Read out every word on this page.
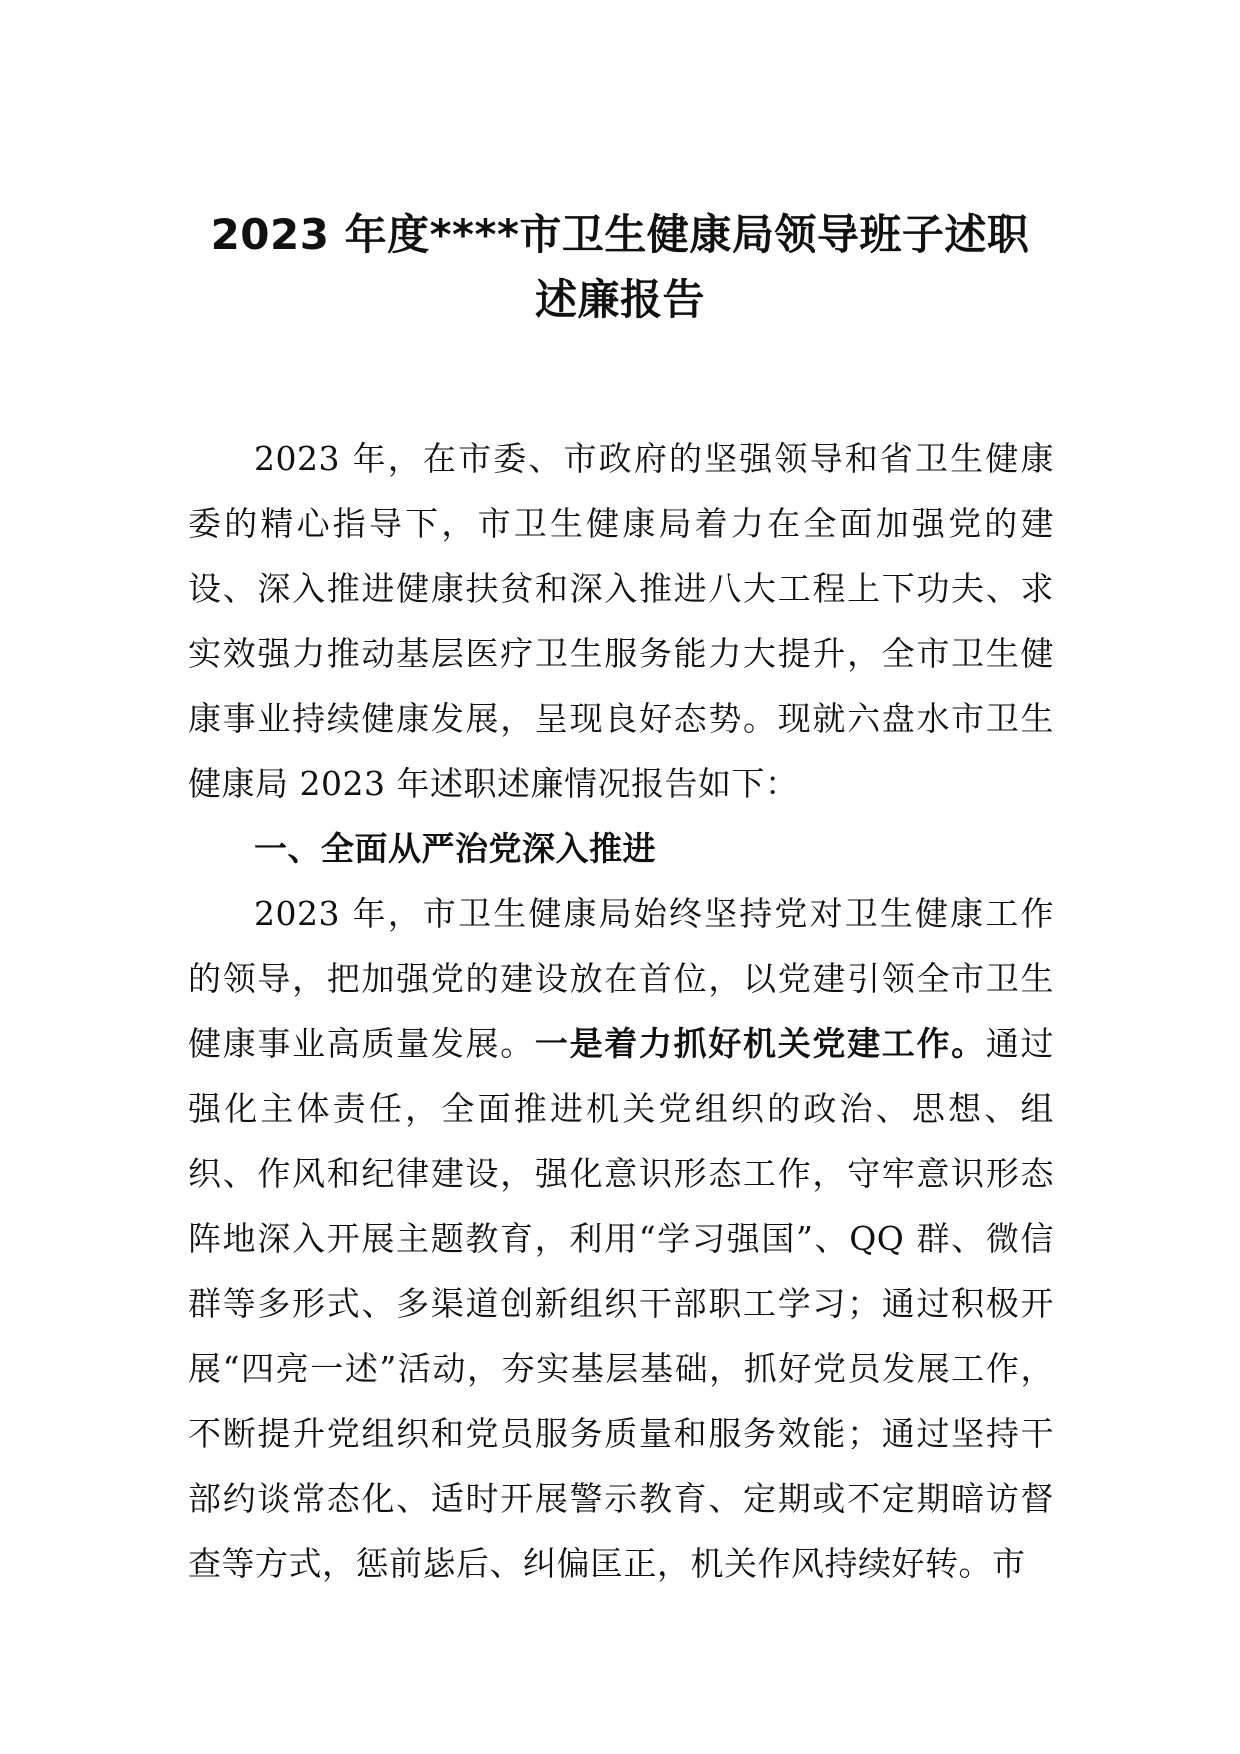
2023 年度****市卫生健康局领导班子述职
述廉报告

2023 年，在市委、市政府的坚强领导和省卫生健康委的精心指导下，市卫生健康局着力在全面加强党的建设、深入推进健康扶贫和深入推进八大工程上下功夫、求实效强力推动基层医疗卫生服务能力大提升，全市卫生健康事业持续健康发展，呈现良好态势。现就六盘水市卫生健康局 2023 年述职述廉情况报告如下：

一、全面从严治党深入推进

2023 年，市卫生健康局始终坚持党对卫生健康工作的领导，把加强党的建设放在首位，以党建引领全市卫生健康事业高质量发展。一是着力抓好机关党建工作。通过强化主体责任，全面推进机关党组织的政治、思想、组织、作风和纪律建设，强化意识形态工作，守牢意识形态阵地深入开展主题教育，利用“学习强国”、QQ 群、微信群等多形式、多渠道创新组织干部职工学习；通过积极开展“四亮一述”活动，夯实基层基础，抓好党员发展工作，不断提升党组织和党员服务质量和服务效能；通过坚持干部约谈常态化、适时开展警示教育、定期或不定期暗访督查等方式，惩前毖后、纠偏匡正，机关作风持续好转。市
